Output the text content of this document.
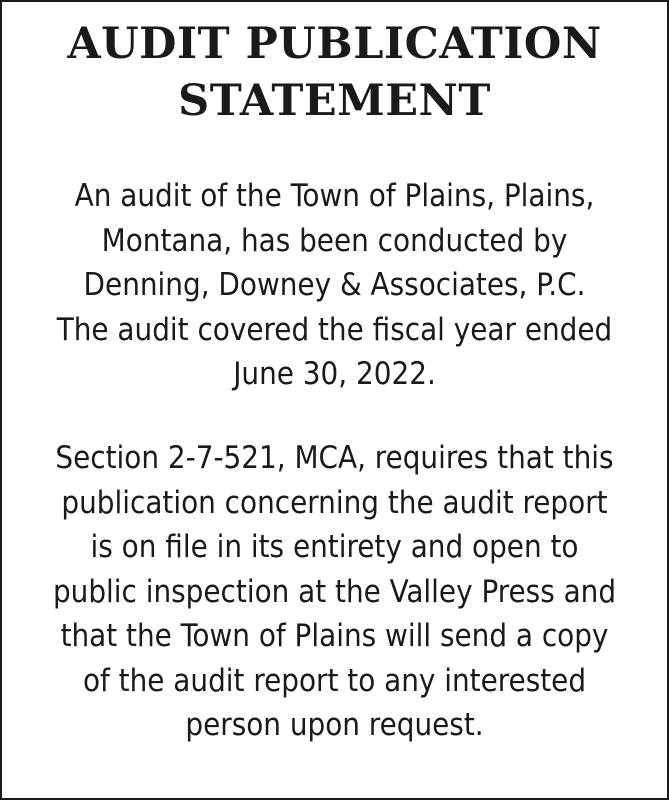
AUDIT PUBLICATION
STATEMENT

An audit of the Town of Plains, Plains,
Montana, has been conducted by
Denning, Downey & Associates, P.C.
The audit covered the fiscal year ended
June 30, 2022.

Section 2-7-521, MCA, requires that this
publication concerning the audit report
is on file in its entirety and open to
public inspection at the Valley Press and
that the Town of Plains will send a copy
of the audit report to any interested
person upon request.
